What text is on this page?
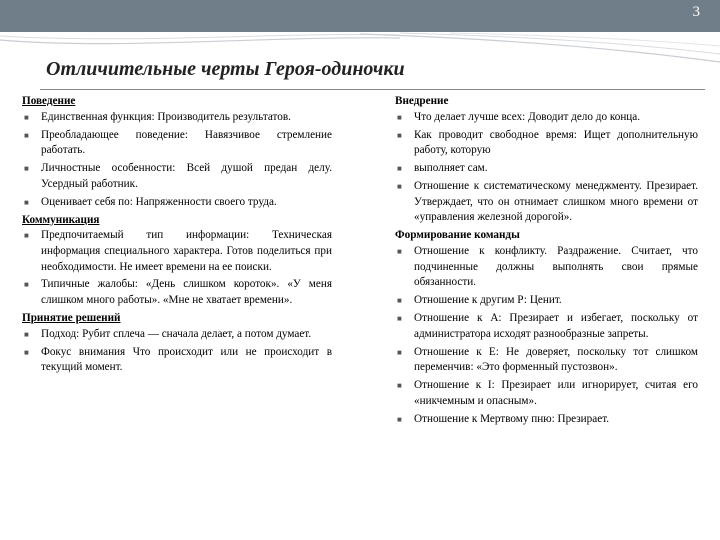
3
Отличительные черты Героя-одиночки
Поведение
■ Единственная функция: Производитель результатов.
■ Преобладающее поведение: Навязчивое стремление работать.
■ Личностные особенности: Всей душой предан делу. Усердный работник.
■ Оценивает себя по: Напряженности своего труда.
Коммуникация
■ Предпочитаемый тип информации: Техническая информация специального характера. Готов поделиться при необходимости. Не имеет времени на ее поиски.
■ Типичные жалобы: «День слишком короток». «У меня слишком много работы». «Мне не хватает времени».
Принятие решений
■ Подход: Рубит сплеча — сначала делает, а потом думает.
■ Фокус внимания Что происходит или не происходит в текущий момент.
Внедрение
■ Что делает лучше всех: Доводит дело до конца.
■ Как проводит свободное время: Ищет дополнительную работу, которую
■ выполняет сам.
■ Отношение к систематическому менеджменту. Презирает. Утверждает, что он отнимает слишком много времени от «управления железной дорогой».
Формирование команды
■ Отношение к конфликту. Раздражение. Считает, что подчиненные должны выполнять свои прямые обязанности.
■ Отношение к другим Р: Ценит.
■ Отношение к А: Презирает и избегает, поскольку от администратора исходят разнообразные запреты.
■ Отношение к Е: Не доверяет, поскольку тот слишком переменчив: «Это форменный пустозвон».
■ Отношение к I: Презирает или игнорирует, считая его «никчемным и опасным».
■ Отношение к Мертвому пню: Презирает.
